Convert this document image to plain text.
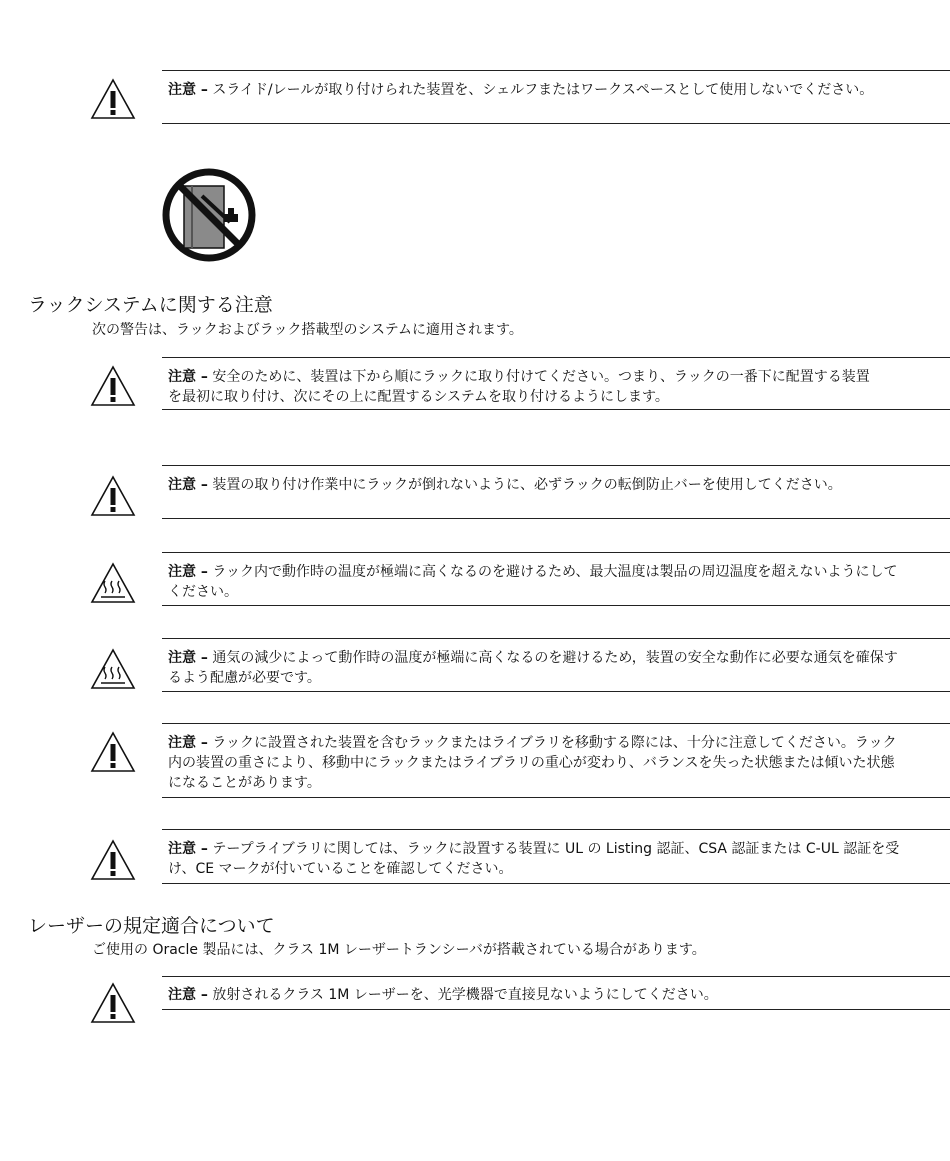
注意 – スライド/レールが取り付けられた装置を、シェルフまたはワークスペースとして使用しないでください。
ラックシステムに関する注意
次の警告は、ラックおよびラック搭載型のシステムに適用されます。
注意 – 安全のために、装置は下から順にラックに取り付けてください。つまり、ラックの一番下に配置する装置を最初に取り付け、次にその上に配置するシステムを取り付けるようにします。
注意 – 装置の取り付け作業中にラックが倒れないように、必ずラックの転倒防止バーを使用してください。
注意 – ラック内で動作時の温度が極端に高くなるのを避けるため、最大温度は製品の周辺温度を超えないようにしてください。
注意 – 通気の減少によって動作時の温度が極端に高くなるのを避けるため，装置の安全な動作に必要な通気を確保するよう配慮が必要です。
注意 – ラックに設置された装置を含むラックまたはライブラリを移動する際には、十分に注意してください。ラック内の装置の重さにより、移動中にラックまたはライブラリの重心が変わり、バランスを失った状態または傾いた状態になることがあります。
注意 – テープライブラリに関しては、ラックに設置する装置に UL の Listing 認証、CSA 認証または C-UL 認証を受け、CE マークが付いていることを確認してください。
レーザーの規定適合について
ご使用の Oracle 製品には、クラス 1M レーザートランシーバが搭載されている場合があります。
注意 – 放射されるクラス 1M レーザーを、光学機器で直接見ないようにしてください。
